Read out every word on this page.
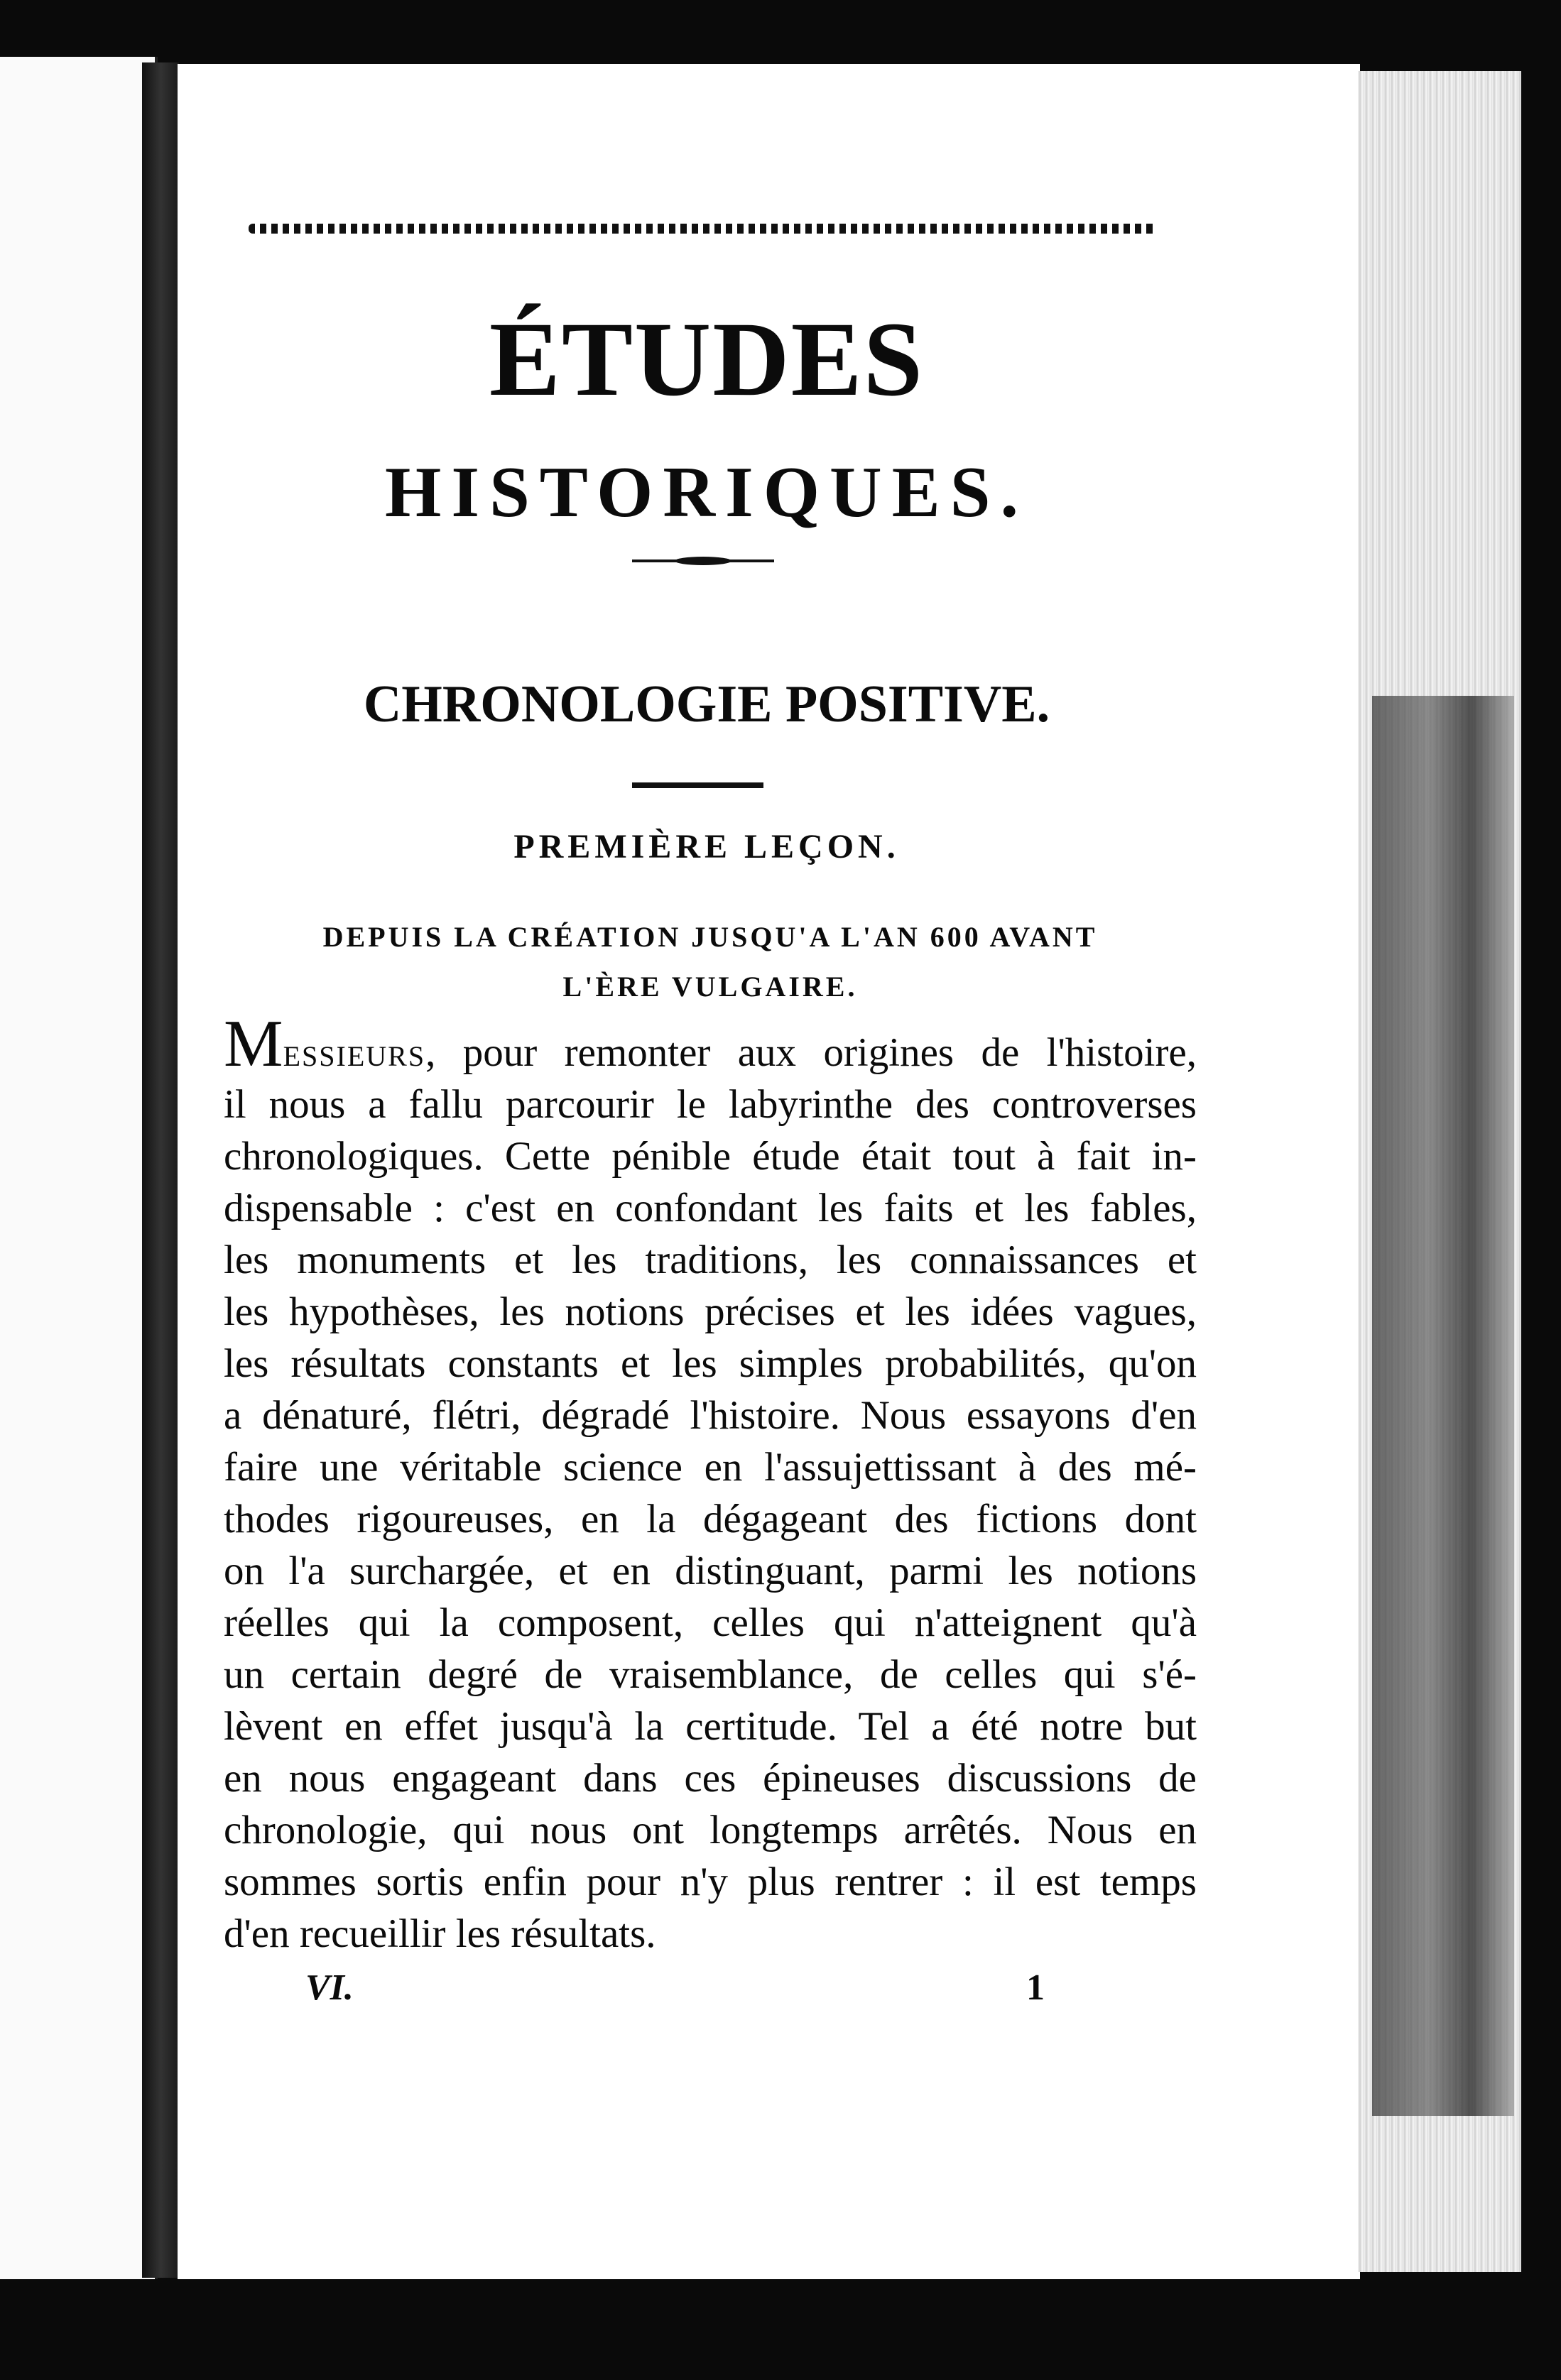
ÉTUDES
HISTORIQUES.
CHRONOLOGIE POSITIVE.
PREMIÈRE LEÇON.

DEPUIS LA CRÉATION JUSQU'A L'AN 600 AVANT
L'ÈRE VULGAIRE.

Messieurs, pour remonter aux origines de l'histoire,
il nous a fallu parcourir le labyrinthe des controverses
chronologiques. Cette pénible étude était tout à fait in-
dispensable : c'est en confondant les faits et les fables,
les monuments et les traditions, les connaissances et
les hypothèses, les notions précises et les idées vagues,
les résultats constants et les simples probabilités, qu'on
a dénaturé, flétri, dégradé l'histoire. Nous essayons d'en
faire une véritable science en l'assujettissant à des mé-
thodes rigoureuses, en la dégageant des fictions dont
on l'a surchargée, et en distinguant, parmi les notions
réelles qui la composent, celles qui n'atteignent qu'à
un certain degré de vraisemblance, de celles qui s'é-
lèvent en effet jusqu'à la certitude. Tel a été notre but
en nous engageant dans ces épineuses discussions de
chronologie, qui nous ont longtemps arrêtés. Nous en
sommes sortis enfin pour n'y plus rentrer : il est temps
d'en recueillir les résultats.

VI.	1
